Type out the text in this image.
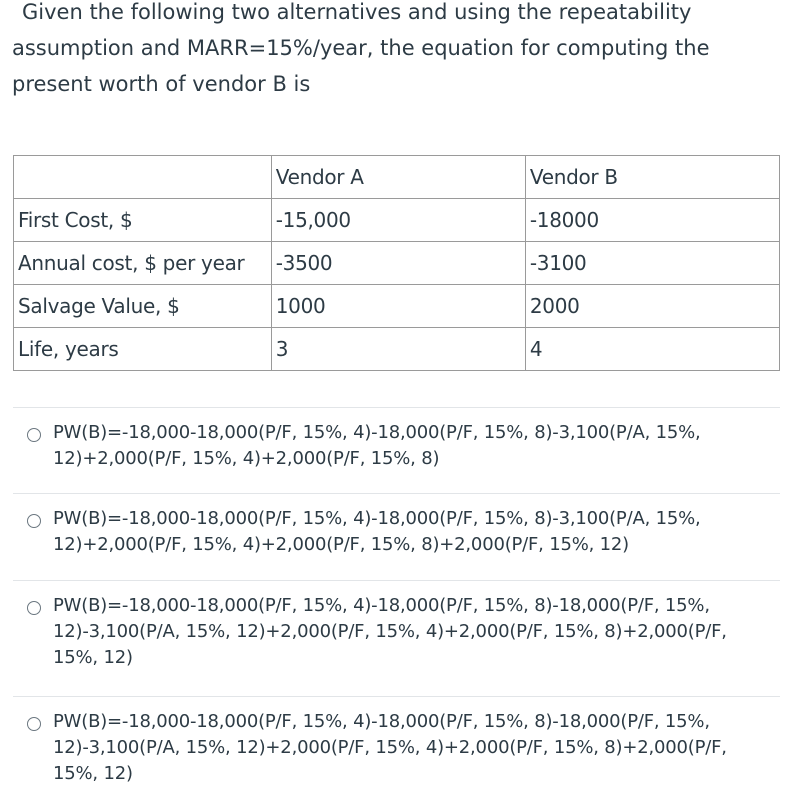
Given the following two alternatives and using the repeatability
assumption and MARR=15%/year, the equation for computing the
present worth of vendor B is
	Vendor A	Vendor B
First Cost, $	-15,000	-18000
Annual cost, $ per year	-3500	-3100
Salvage Value, $	1000	2000
Life, years	3	4
PW(B)=-18,000-18,000(P/F, 15%, 4)-18,000(P/F, 15%, 8)-3,100(P/A, 15%,
12)+2,000(P/F, 15%, 4)+2,000(P/F, 15%, 8)
PW(B)=-18,000-18,000(P/F, 15%, 4)-18,000(P/F, 15%, 8)-3,100(P/A, 15%,
12)+2,000(P/F, 15%, 4)+2,000(P/F, 15%, 8)+2,000(P/F, 15%, 12)
PW(B)=-18,000-18,000(P/F, 15%, 4)-18,000(P/F, 15%, 8)-18,000(P/F, 15%,
12)-3,100(P/A, 15%, 12)+2,000(P/F, 15%, 4)+2,000(P/F, 15%, 8)+2,000(P/F,
15%, 12)
PW(B)=-18,000-18,000(P/F, 15%, 4)-18,000(P/F, 15%, 8)-18,000(P/F, 15%,
12)-3,100(P/A, 15%, 12)+2,000(P/F, 15%, 4)+2,000(P/F, 15%, 8)+2,000(P/F,
15%, 12)
